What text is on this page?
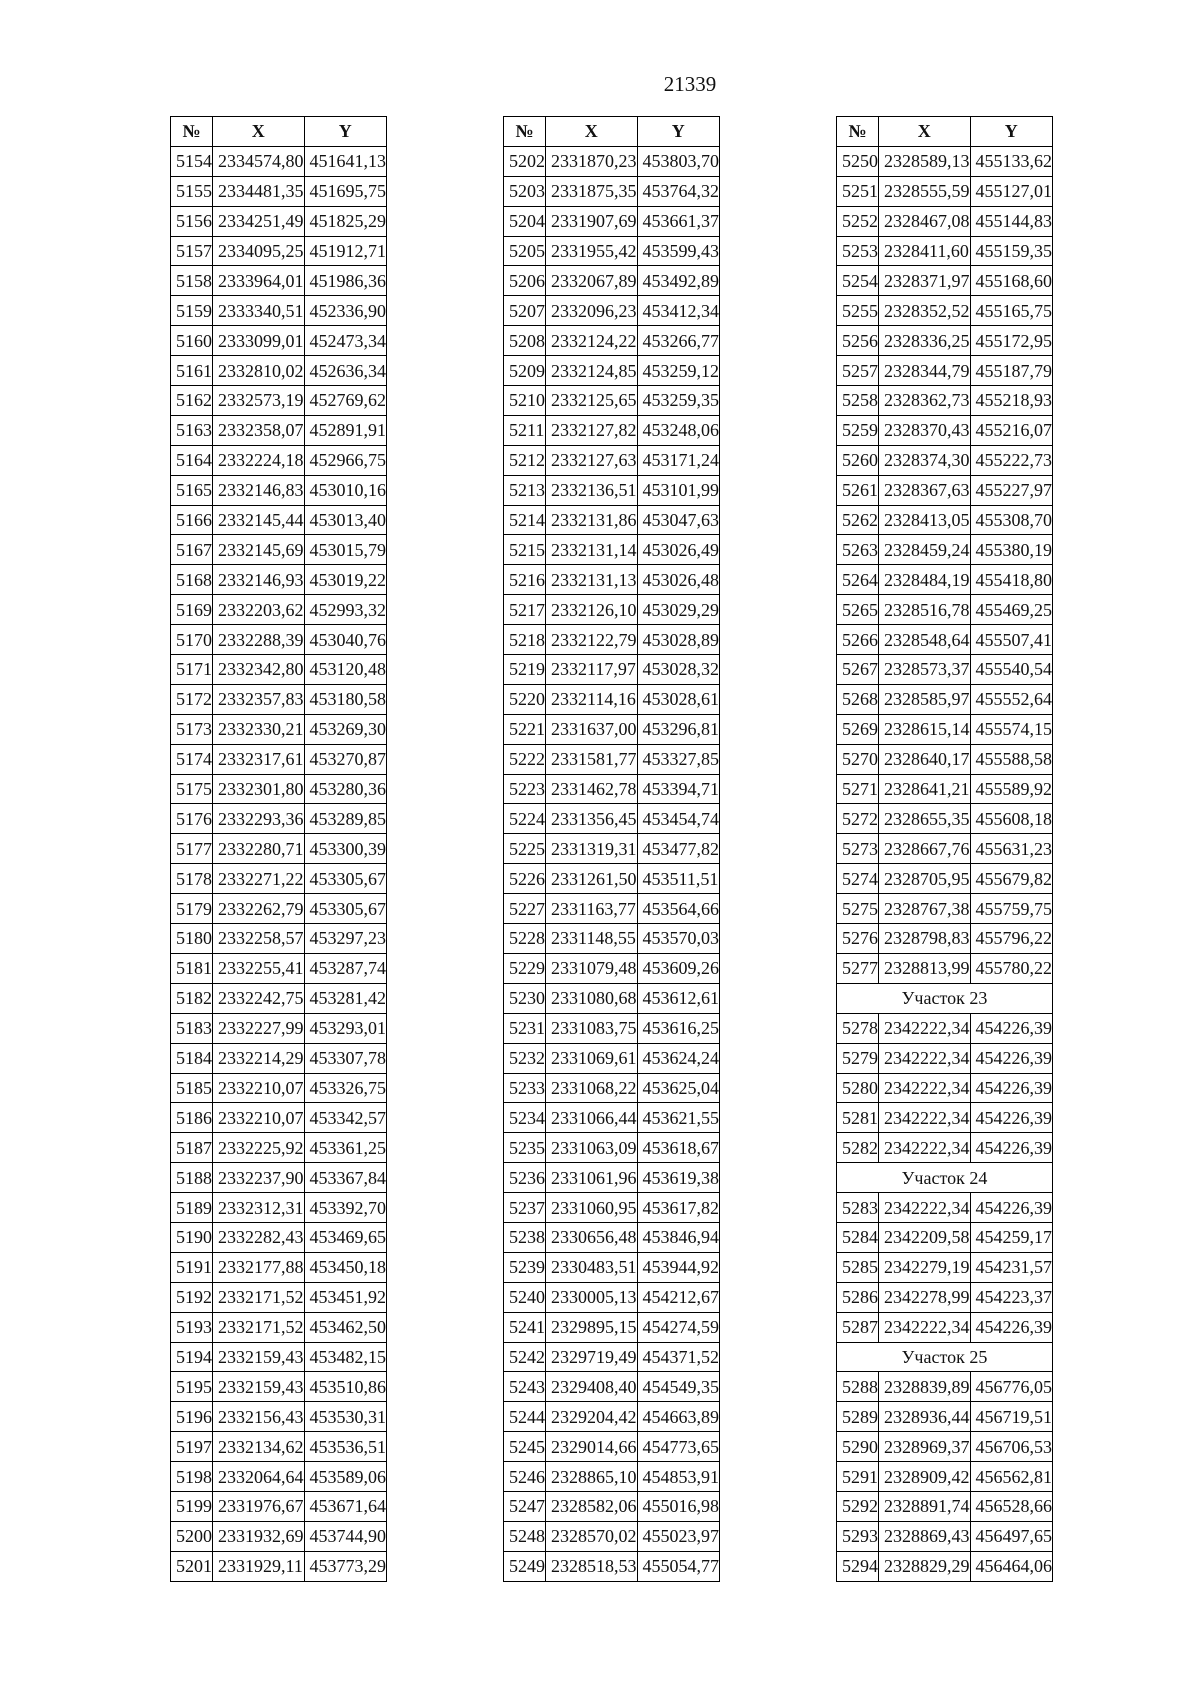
21339
№	X	Y
5154	2334574,80	451641,13
5155	2334481,35	451695,75
5156	2334251,49	451825,29
5157	2334095,25	451912,71
5158	2333964,01	451986,36
5159	2333340,51	452336,90
5160	2333099,01	452473,34
5161	2332810,02	452636,34
5162	2332573,19	452769,62
5163	2332358,07	452891,91
5164	2332224,18	452966,75
5165	2332146,83	453010,16
5166	2332145,44	453013,40
5167	2332145,69	453015,79
5168	2332146,93	453019,22
5169	2332203,62	452993,32
5170	2332288,39	453040,76
5171	2332342,80	453120,48
5172	2332357,83	453180,58
5173	2332330,21	453269,30
5174	2332317,61	453270,87
5175	2332301,80	453280,36
5176	2332293,36	453289,85
5177	2332280,71	453300,39
5178	2332271,22	453305,67
5179	2332262,79	453305,67
5180	2332258,57	453297,23
5181	2332255,41	453287,74
5182	2332242,75	453281,42
5183	2332227,99	453293,01
5184	2332214,29	453307,78
5185	2332210,07	453326,75
5186	2332210,07	453342,57
5187	2332225,92	453361,25
5188	2332237,90	453367,84
5189	2332312,31	453392,70
5190	2332282,43	453469,65
5191	2332177,88	453450,18
5192	2332171,52	453451,92
5193	2332171,52	453462,50
5194	2332159,43	453482,15
5195	2332159,43	453510,86
5196	2332156,43	453530,31
5197	2332134,62	453536,51
5198	2332064,64	453589,06
5199	2331976,67	453671,64
5200	2331932,69	453744,90
5201	2331929,11	453773,29
№	X	Y
5202	2331870,23	453803,70
5203	2331875,35	453764,32
5204	2331907,69	453661,37
5205	2331955,42	453599,43
5206	2332067,89	453492,89
5207	2332096,23	453412,34
5208	2332124,22	453266,77
5209	2332124,85	453259,12
5210	2332125,65	453259,35
5211	2332127,82	453248,06
5212	2332127,63	453171,24
5213	2332136,51	453101,99
5214	2332131,86	453047,63
5215	2332131,14	453026,49
5216	2332131,13	453026,48
5217	2332126,10	453029,29
5218	2332122,79	453028,89
5219	2332117,97	453028,32
5220	2332114,16	453028,61
5221	2331637,00	453296,81
5222	2331581,77	453327,85
5223	2331462,78	453394,71
5224	2331356,45	453454,74
5225	2331319,31	453477,82
5226	2331261,50	453511,51
5227	2331163,77	453564,66
5228	2331148,55	453570,03
5229	2331079,48	453609,26
5230	2331080,68	453612,61
5231	2331083,75	453616,25
5232	2331069,61	453624,24
5233	2331068,22	453625,04
5234	2331066,44	453621,55
5235	2331063,09	453618,67
5236	2331061,96	453619,38
5237	2331060,95	453617,82
5238	2330656,48	453846,94
5239	2330483,51	453944,92
5240	2330005,13	454212,67
5241	2329895,15	454274,59
5242	2329719,49	454371,52
5243	2329408,40	454549,35
5244	2329204,42	454663,89
5245	2329014,66	454773,65
5246	2328865,10	454853,91
5247	2328582,06	455016,98
5248	2328570,02	455023,97
5249	2328518,53	455054,77
№	X	Y
5250	2328589,13	455133,62
5251	2328555,59	455127,01
5252	2328467,08	455144,83
5253	2328411,60	455159,35
5254	2328371,97	455168,60
5255	2328352,52	455165,75
5256	2328336,25	455172,95
5257	2328344,79	455187,79
5258	2328362,73	455218,93
5259	2328370,43	455216,07
5260	2328374,30	455222,73
5261	2328367,63	455227,97
5262	2328413,05	455308,70
5263	2328459,24	455380,19
5264	2328484,19	455418,80
5265	2328516,78	455469,25
5266	2328548,64	455507,41
5267	2328573,37	455540,54
5268	2328585,97	455552,64
5269	2328615,14	455574,15
5270	2328640,17	455588,58
5271	2328641,21	455589,92
5272	2328655,35	455608,18
5273	2328667,76	455631,23
5274	2328705,95	455679,82
5275	2328767,38	455759,75
5276	2328798,83	455796,22
5277	2328813,99	455780,22
Участок 23		
5278	2342222,34	454226,39
5279	2342222,34	454226,39
5280	2342222,34	454226,39
5281	2342222,34	454226,39
5282	2342222,34	454226,39
Участок 24		
5283	2342222,34	454226,39
5284	2342209,58	454259,17
5285	2342279,19	454231,57
5286	2342278,99	454223,37
5287	2342222,34	454226,39
Участок 25		
5288	2328839,89	456776,05
5289	2328936,44	456719,51
5290	2328969,37	456706,53
5291	2328909,42	456562,81
5292	2328891,74	456528,66
5293	2328869,43	456497,65
5294	2328829,29	456464,06
